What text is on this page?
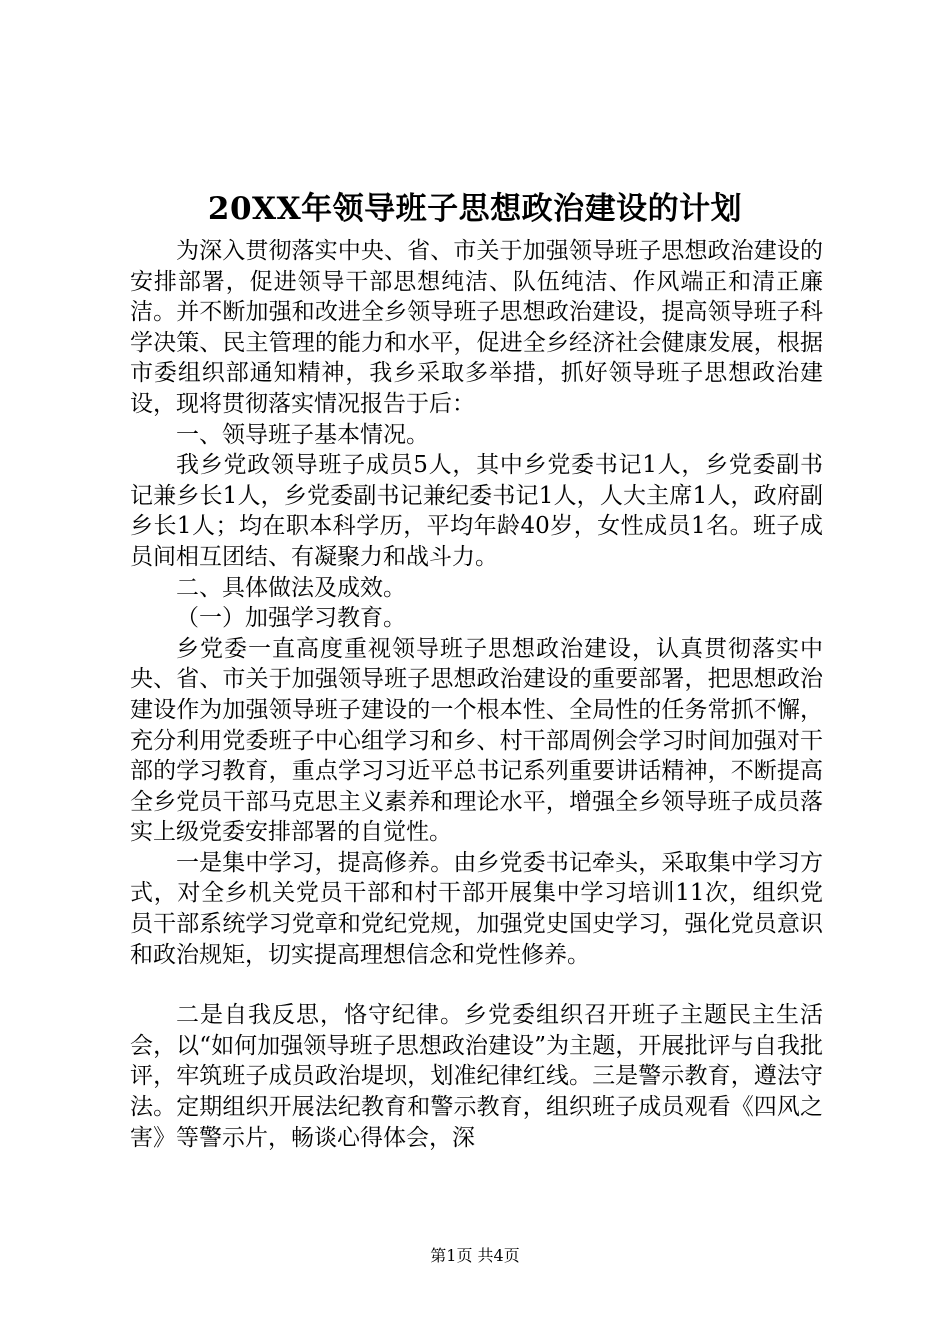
20XX年领导班子思想政治建设的计划

为深入贯彻落实中央、省、市关于加强领导班子思想政治建设的安排部署，促进领导干部思想纯洁、队伍纯洁、作风端正和清正廉洁。并不断加强和改进全乡领导班子思想政治建设，提高领导班子科学决策、民主管理的能力和水平，促进全乡经济社会健康发展，根据市委组织部通知精神，我乡采取多举措，抓好领导班子思想政治建设，现将贯彻落实情况报告于后：

一、领导班子基本情况。

我乡党政领导班子成员5人，其中乡党委书记1人，乡党委副书记兼乡长1人，乡党委副书记兼纪委书记1人，人大主席1人，政府副乡长1人；均在职本科学历，平均年龄40岁，女性成员1名。班子成员间相互团结、有凝聚力和战斗力。

二、具体做法及成效。

（一）加强学习教育。

乡党委一直高度重视领导班子思想政治建设，认真贯彻落实中央、省、市关于加强领导班子思想政治建设的重要部署，把思想政治建设作为加强领导班子建设的一个根本性、全局性的任务常抓不懈，充分利用党委班子中心组学习和乡、村干部周例会学习时间加强对干部的学习教育，重点学习习近平总书记系列重要讲话精神，不断提高全乡党员干部马克思主义素养和理论水平，增强全乡领导班子成员落实上级党委安排部署的自觉性。

一是集中学习，提高修养。由乡党委书记牵头，采取集中学习方式，对全乡机关党员干部和村干部开展集中学习培训11次，组织党员干部系统学习党章和党纪党规，加强党史国史学习，强化党员意识和政治规矩，切实提高理想信念和党性修养。

二是自我反思，恪守纪律。乡党委组织召开班子主题民主生活会，以“如何加强领导班子思想政治建设”为主题，开展批评与自我批评，牢筑班子成员政治堤坝，划准纪律红线。三是警示教育，遵法守法。定期组织开展法纪教育和警示教育，组织班子成员观看《四风之害》等警示片，畅谈心得体会，深

第1页 共4页
